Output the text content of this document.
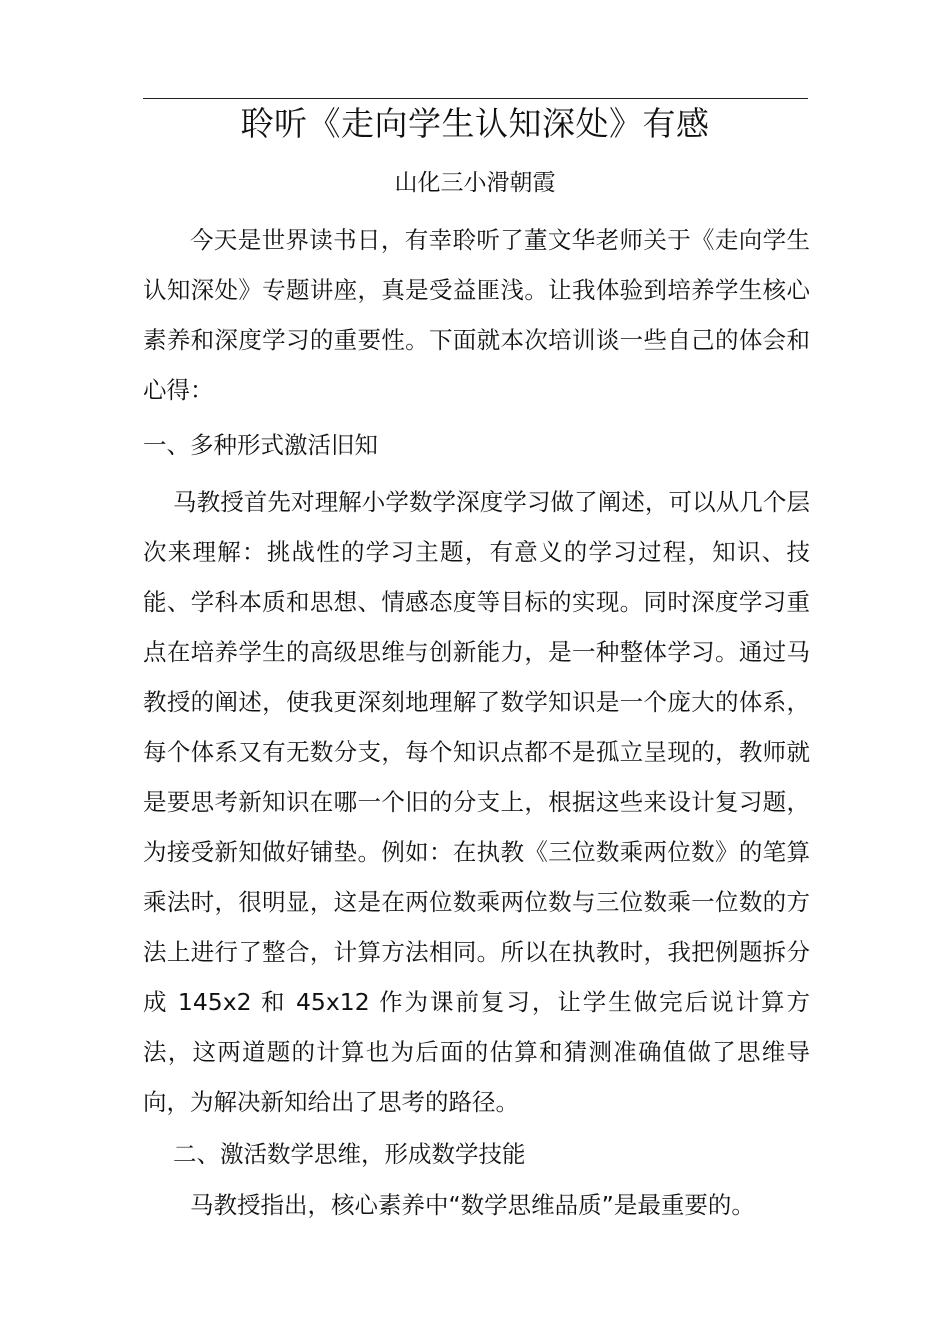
聆听《走向学生认知深处》有感
山化三小滑朝霞
今天是世界读书日，有幸聆听了董文华老师关于《走向学生认知深处》专题讲座，真是受益匪浅。让我体验到培养学生核心素养和深度学习的重要性。下面就本次培训谈一些自己的体会和心得：
一、多种形式激活旧知
马教授首先对理解小学数学深度学习做了阐述，可以从几个层次来理解：挑战性的学习主题，有意义的学习过程，知识、技能、学科本质和思想、情感态度等目标的实现。同时深度学习重点在培养学生的高级思维与创新能力，是一种整体学习。通过马教授的阐述，使我更深刻地理解了数学知识是一个庞大的体系，每个体系又有无数分支，每个知识点都不是孤立呈现的，教师就是要思考新知识在哪一个旧的分支上，根据这些来设计复习题，为接受新知做好铺垫。例如：在执教《三位数乘两位数》的笔算乘法时，很明显，这是在两位数乘两位数与三位数乘一位数的方法上进行了整合，计算方法相同。所以在执教时，我把例题拆分成 145x2 和 45x12 作为课前复习，让学生做完后说计算方法，这两道题的计算也为后面的估算和猜测准确值做了思维导向，为解决新知给出了思考的路径。
二、激活数学思维，形成数学技能
马教授指出，核心素养中“数学思维品质”是最重要的。
